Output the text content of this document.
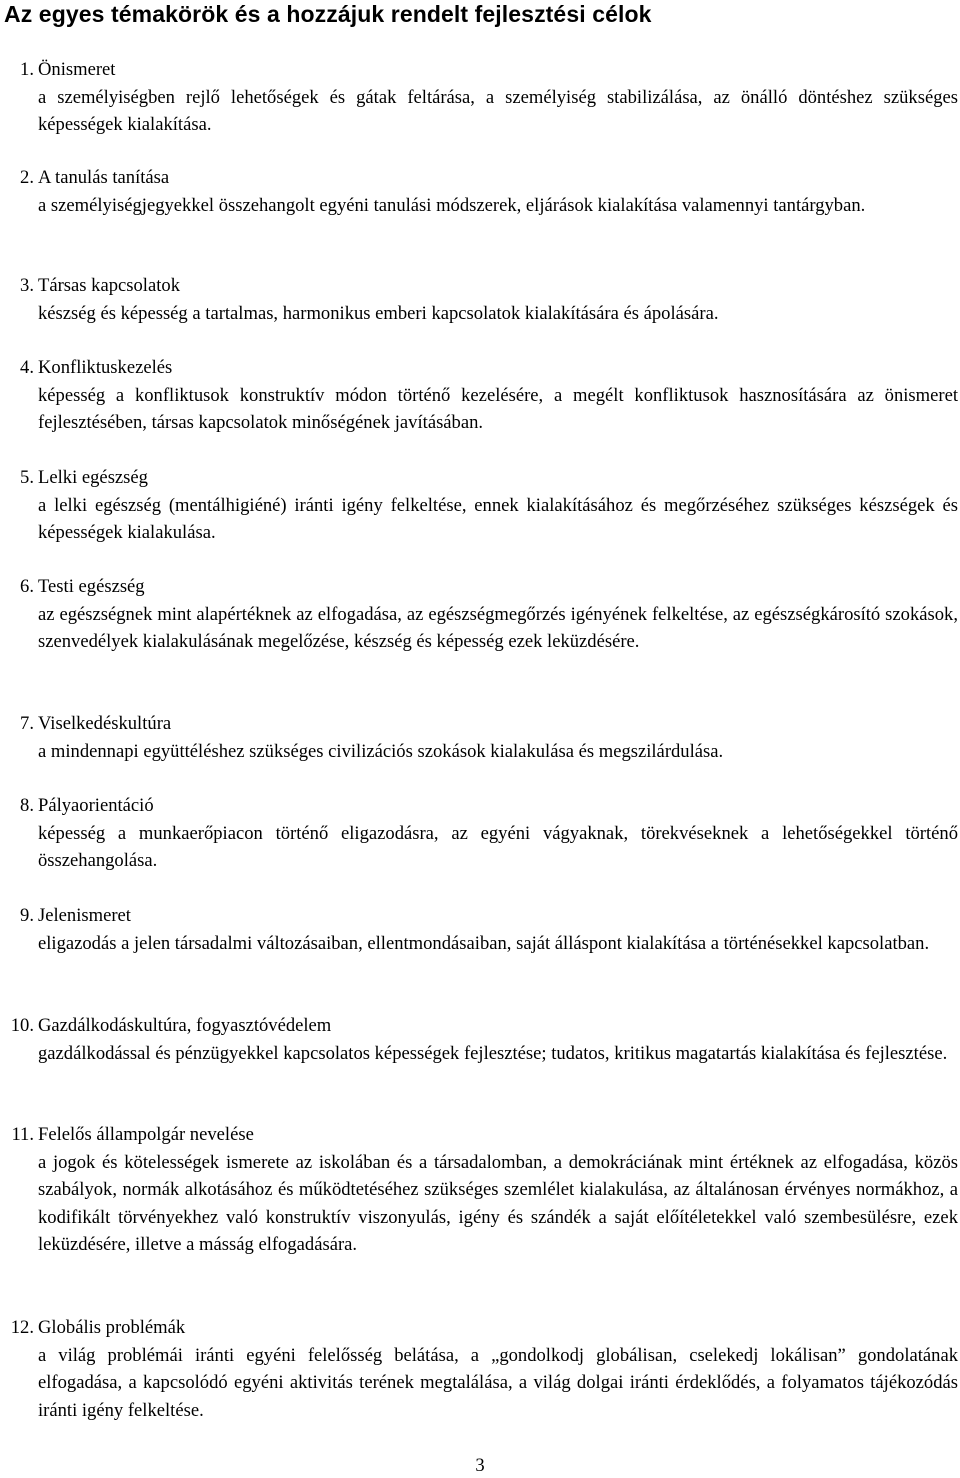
Az egyes témakörök és a hozzájuk rendelt fejlesztési célok
1. Önismeret

a személyiségben rejlő lehetőségek és gátak feltárása, a személyiség stabilizálása, az önálló döntéshez szükséges képességek kialakítása.

2. A tanulás tanítása

a személyiségjegyekkel összehangolt egyéni tanulási módszerek, eljárások kialakítása valamennyi tantárgyban.

3. Társas kapcsolatok

készség és képesség a tartalmas, harmonikus emberi kapcsolatok kialakítására és ápolására.

4. Konfliktuskezelés

képesség a konfliktusok konstruktív módon történő kezelésére, a megélt konfliktusok hasznosítására az önismeret fejlesztésében, társas kapcsolatok minőségének javításában.

5. Lelki egészség

a lelki egészség (mentálhigiéné) iránti igény felkeltése, ennek kialakításához és megőrzéséhez szükséges készségek és képességek kialakulása.

6. Testi egészség

az egészségnek mint alapértéknek az elfogadása, az egészségmegőrzés igényének felkeltése, az egészségkárosító szokások, szenvedélyek kialakulásának megelőzése, készség és képesség ezek leküzdésére.

7. Viselkedéskultúra

a mindennapi együttéléshez szükséges civilizációs szokások kialakulása és megszilárdulása.

8. Pályaorientáció

képesség a munkaerőpiacon történő eligazodásra, az egyéni vágyaknak, törekvéseknek a lehetőségekkel történő összehangolása.

9. Jelenismeret

eligazodás a jelen társadalmi változásaiban, ellentmondásaiban, saját álláspont kialakítása a történésekkel kapcsolatban.

10. Gazdálkodáskultúra, fogyasztóvédelem

gazdálkodással és pénzügyekkel kapcsolatos képességek fejlesztése; tudatos, kritikus magatartás kialakítása és fejlesztése.

11. Felelős állampolgár nevelése

a jogok és kötelességek ismerete az iskolában és a társadalomban, a demokráciának mint értéknek az elfogadása, közös szabályok, normák alkotásához és működtetéséhez szükséges szemlélet kialakulása, az általánosan érvényes normákhoz, a kodifikált törvényekhez való konstruktív viszonyulás, igény és szándék a saját előítéletekkel való szembesülésre, ezek leküzdésére, illetve a másság elfogadására.

12. Globális problémák

a világ problémái iránti egyéni felelősség belátása, a „gondolkodj globálisan, cselekedj lokálisan” gondolatának elfogadása, a kapcsolódó egyéni aktivitás terének megtalálása, a világ dolgai iránti érdeklődés, a folyamatos tájékozódás iránti igény felkeltése.

3
